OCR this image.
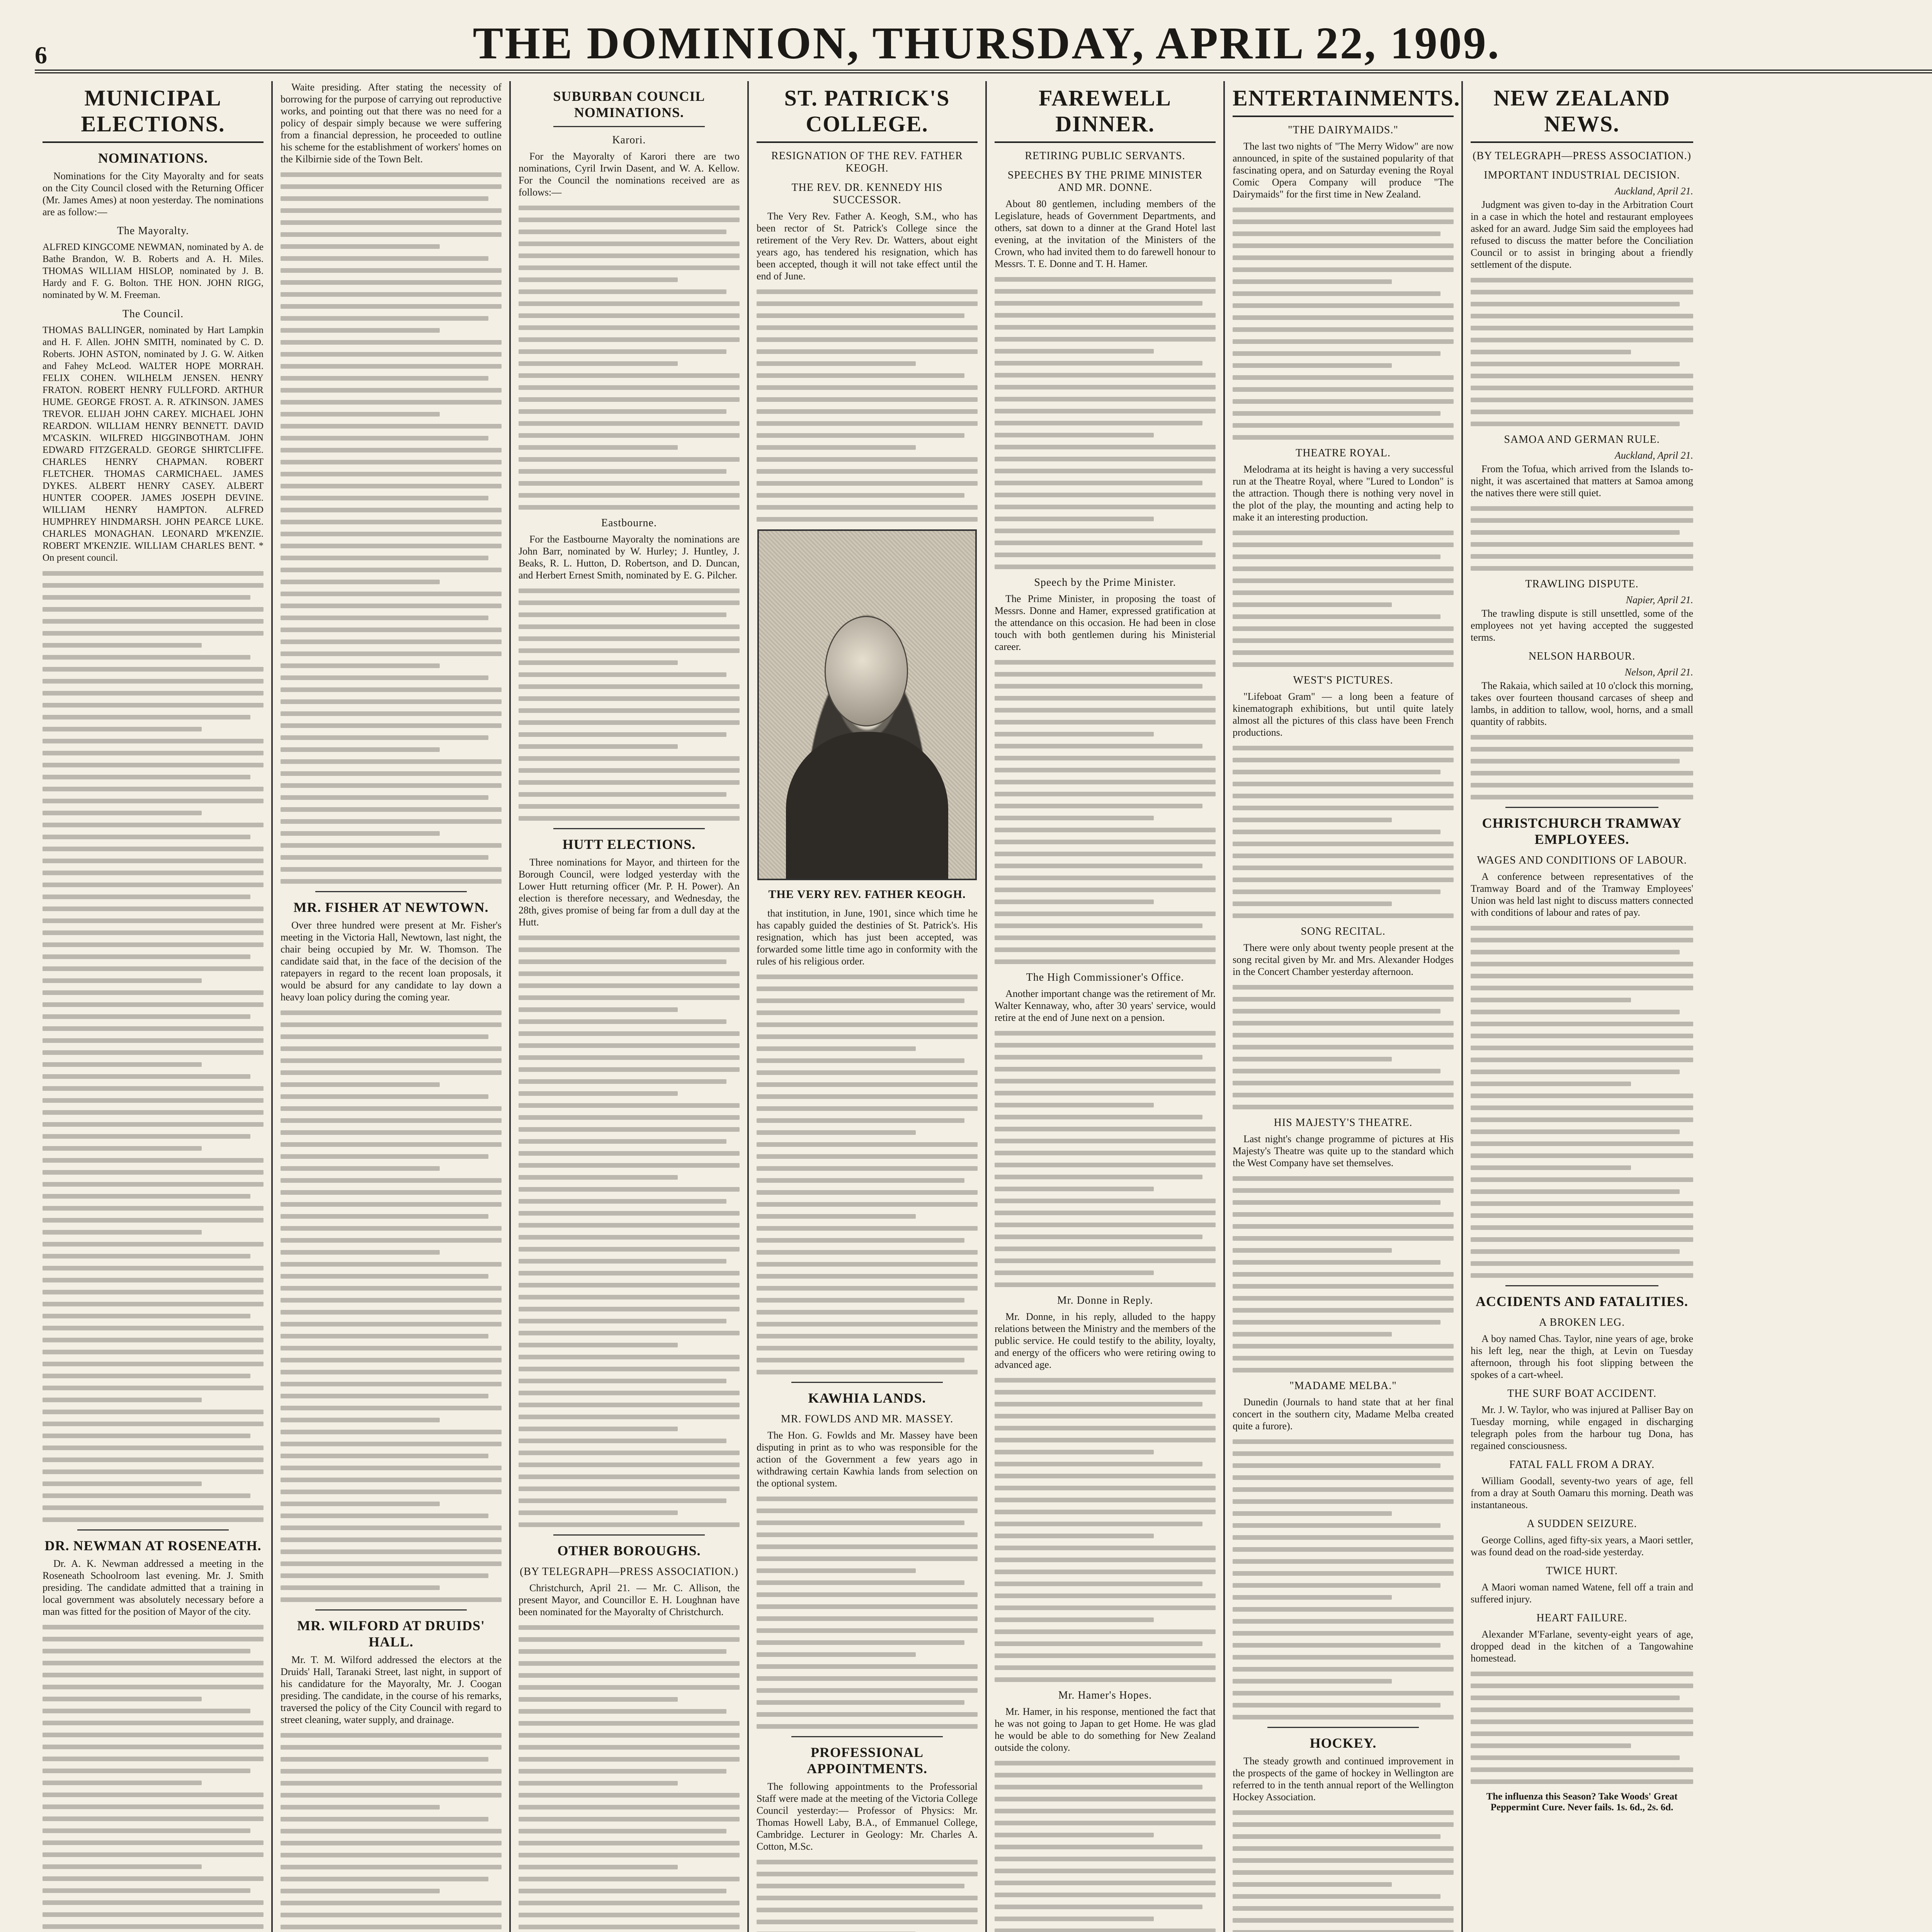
6	THE DOMINION, THURSDAY, APRIL 22, 1909.
MUNICIPAL ELECTIONS.
NOMINATIONS.

Nominations for the City Mayoralty and for seats on the City Council closed with the Returning Officer (Mr. James Ames) at noon yesterday. The nominations are as follow:—

The Mayoralty.

ALFRED KINGCOME NEWMAN, nominated by A. de Bathe Brandon, W. B. Roberts and A. H. Miles. THOMAS WILLIAM HISLOP, nominated by J. B. Hardy and F. G. Bolton. THE HON. JOHN RIGG, nominated by W. M. Freeman.

The Council.

THOMAS BALLINGER, nominated by Hart Lampkin and H. F. Allen. JOHN SMITH, nominated by C. D. Roberts. JOHN ASTON, nominated by J. G. W. Aitken and Fahey McLeod. WALTER HOPE MORRAH. FELIX COHEN. WILHELM JENSEN. HENRY FRATON. ROBERT HENRY FULLFORD. ARTHUR HUME. GEORGE FROST. A. R. ATKINSON. JAMES TREVOR. ELIJAH JOHN CAREY. MICHAEL JOHN REARDON. WILLIAM HENRY BENNETT. DAVID M'CASKIN. WILFRED HIGGINBOTHAM. JOHN EDWARD FITZGERALD. GEORGE SHIRTCLIFFE. CHARLES HENRY CHAPMAN. ROBERT FLETCHER. THOMAS CARMICHAEL. JAMES DYKES. ALBERT HENRY CASEY. ALBERT HUNTER COOPER. JAMES JOSEPH DEVINE. WILLIAM HENRY HAMPTON. ALFRED HUMPHREY HINDMARSH. JOHN PEARCE LUKE. CHARLES MONAGHAN. LEONARD M'KENZIE. ROBERT M'KENZIE. WILLIAM CHARLES BENT. * On present council.

DR. NEWMAN AT ROSENEATH.

Dr. A. K. Newman addressed a meeting in the Roseneath Schoolroom last evening. Mr. J. Smith presiding. The candidate admitted that a training in local government was absolutely necessary before a man was fitted for the position of Mayor of the city.

Waite presiding. After stating the necessity of borrowing for the purpose of carrying out reproductive works, and pointing out that there was no need for a policy of despair simply because we were suffering from a financial depression, he proceeded to outline his scheme for the establishment of workers' homes on the Kilbirnie side of the Town Belt.

MR. FISHER AT NEWTOWN.

Over three hundred were present at Mr. Fisher's meeting in the Victoria Hall, Newtown, last night, the chair being occupied by Mr. W. Thomson. The candidate said that, in the face of the decision of the ratepayers in regard to the recent loan proposals, it would be absurd for any candidate to lay down a heavy loan policy during the coming year.

MR. WILFORD AT DRUIDS' HALL.

Mr. T. M. Wilford addressed the electors at the Druids' Hall, Taranaki Street, last night, in support of his candidature for the Mayoralty, Mr. J. Coogan presiding. The candidate, in the course of his remarks, traversed the policy of the City Council with regard to street cleaning, water supply, and drainage.

SUBURBAN COUNCIL NOMINATIONS.
Karori.

For the Mayoralty of Karori there are two nominations, Cyril Irwin Dasent, and W. A. Kellow. For the Council the nominations received are as follows:—

Eastbourne.

For the Eastbourne Mayoralty the nominations are John Barr, nominated by W. Hurley; J. Huntley, J. Beaks, R. L. Hutton, D. Robertson, and D. Duncan, and Herbert Ernest Smith, nominated by E. G. Pilcher.

HUTT ELECTIONS.

Three nominations for Mayor, and thirteen for the Borough Council, were lodged yesterday with the Lower Hutt returning officer (Mr. P. H. Power). An election is therefore necessary, and Wednesday, the 28th, gives promise of being far from a dull day at the Hutt.

OTHER BOROUGHS.
(BY TELEGRAPH—PRESS ASSOCIATION.)

Christchurch, April 21. — Mr. C. Allison, the present Mayor, and Councillor E. H. Loughnan have been nominated for the Mayoralty of Christchurch.

ST. PATRICK'S COLLEGE.
RESIGNATION OF THE REV. FATHER KEOGH.
THE REV. DR. KENNEDY HIS SUCCESSOR.

The Very Rev. Father A. Keogh, S.M., who has been rector of St. Patrick's College since the retirement of the Very Rev. Dr. Watters, about eight years ago, has tendered his resignation, which has been accepted, though it will not take effect until the end of June.

THE VERY REV. FATHER KEOGH.

that institution, in June, 1901, since which time he has capably guided the destinies of St. Patrick's. His resignation, which has just been accepted, was forwarded some little time ago in conformity with the rules of his religious order.

KAWHIA LANDS.
MR. FOWLDS AND MR. MASSEY.

The Hon. G. Fowlds and Mr. Massey have been disputing in print as to who was responsible for the action of the Government a few years ago in withdrawing certain Kawhia lands from selection on the optional system.

PROFESSIONAL APPOINTMENTS.

The following appointments to the Professorial Staff were made at the meeting of the Victoria College Council yesterday:— Professor of Physics: Mr. Thomas Howell Laby, B.A., of Emmanuel College, Cambridge. Lecturer in Geology: Mr. Charles A. Cotton, M.Sc.

FAREWELL DINNER.
RETIRING PUBLIC SERVANTS.
SPEECHES BY THE PRIME MINISTER AND MR. DONNE.

About 80 gentlemen, including members of the Legislature, heads of Government Departments, and others, sat down to a dinner at the Grand Hotel last evening, at the invitation of the Ministers of the Crown, who had invited them to do farewell honour to Messrs. T. E. Donne and T. H. Hamer.

Speech by the Prime Minister.

The Prime Minister, in proposing the toast of Messrs. Donne and Hamer, expressed gratification at the attendance on this occasion. He had been in close touch with both gentlemen during his Ministerial career.

The High Commissioner's Office.

Another important change was the retirement of Mr. Walter Kennaway, who, after 30 years' service, would retire at the end of June next on a pension.

Mr. Donne in Reply.

Mr. Donne, in his reply, alluded to the happy relations between the Ministry and the members of the public service. He could testify to the ability, loyalty, and energy of the officers who were retiring owing to advanced age.

Mr. Hamer's Hopes.

Mr. Hamer, in his response, mentioned the fact that he was not going to Japan to get Home. He was glad he would be able to do something for New Zealand outside the colony.

ENTERTAINMENTS.
"THE DAIRYMAIDS."

The last two nights of "The Merry Widow" are now announced, in spite of the sustained popularity of that fascinating opera, and on Saturday evening the Royal Comic Opera Company will produce "The Dairymaids" for the first time in New Zealand.

THEATRE ROYAL.

Melodrama at its height is having a very successful run at the Theatre Royal, where "Lured to London" is the attraction. Though there is nothing very novel in the plot of the play, the mounting and acting help to make it an interesting production.

WEST'S PICTURES.

"Lifeboat Gram" — a long been a feature of kinematograph exhibitions, but until quite lately almost all the pictures of this class have been French productions.

SONG RECITAL.

There were only about twenty people present at the song recital given by Mr. and Mrs. Alexander Hodges in the Concert Chamber yesterday afternoon.

HIS MAJESTY'S THEATRE.

Last night's change programme of pictures at His Majesty's Theatre was quite up to the standard which the West Company have set themselves.

"MADAME MELBA."

Dunedin (Journals to hand state that at her final concert in the southern city, Madame Melba created quite a furore).

HOCKEY.

The steady growth and continued improvement in the prospects of the game of hockey in Wellington are referred to in the tenth annual report of the Wellington Hockey Association.

NEW ZEALAND NEWS.
(BY TELEGRAPH—PRESS ASSOCIATION.)
IMPORTANT INDUSTRIAL DECISION.
Auckland, April 21.

Judgment was given to-day in the Arbitration Court in a case in which the hotel and restaurant employees asked for an award. Judge Sim said the employees had refused to discuss the matter before the Conciliation Council or to assist in bringing about a friendly settlement of the dispute.

SAMOA AND GERMAN RULE.
Auckland, April 21.

From the Tofua, which arrived from the Islands to-night, it was ascertained that matters at Samoa among the natives there were still quiet.

TRAWLING DISPUTE.
Napier, April 21.

The trawling dispute is still unsettled, some of the employees not yet having accepted the suggested terms.

NELSON HARBOUR.
Nelson, April 21.

The Rakaia, which sailed at 10 o'clock this morning, takes over fourteen thousand carcases of sheep and lambs, in addition to tallow, wool, horns, and a small quantity of rabbits.

CHRISTCHURCH TRAMWAY EMPLOYEES.
WAGES AND CONDITIONS OF LABOUR.

A conference between representatives of the Tramway Board and of the Tramway Employees' Union was held last night to discuss matters connected with conditions of labour and rates of pay.

ACCIDENTS AND FATALITIES.
A BROKEN LEG.

A boy named Chas. Taylor, nine years of age, broke his left leg, near the thigh, at Levin on Tuesday afternoon, through his foot slipping between the spokes of a cart-wheel.

THE SURF BOAT ACCIDENT.

Mr. J. W. Taylor, who was injured at Palliser Bay on Tuesday morning, while engaged in discharging telegraph poles from the harbour tug Dona, has regained consciousness.

FATAL FALL FROM A DRAY.

William Goodall, seventy-two years of age, fell from a dray at South Oamaru this morning. Death was instantaneous.

A SUDDEN SEIZURE.

George Collins, aged fifty-six years, a Maori settler, was found dead on the road-side yesterday.

TWICE HURT.

A Maori woman named Watene, fell off a train and suffered injury.

HEART FAILURE.

Alexander M'Farlane, seventy-eight years of age, dropped dead in the kitchen of a Tangowahine homestead.

The influenza this Season? Take Woods' Great Peppermint Cure. Never fails. 1s. 6d., 2s. 6d.
